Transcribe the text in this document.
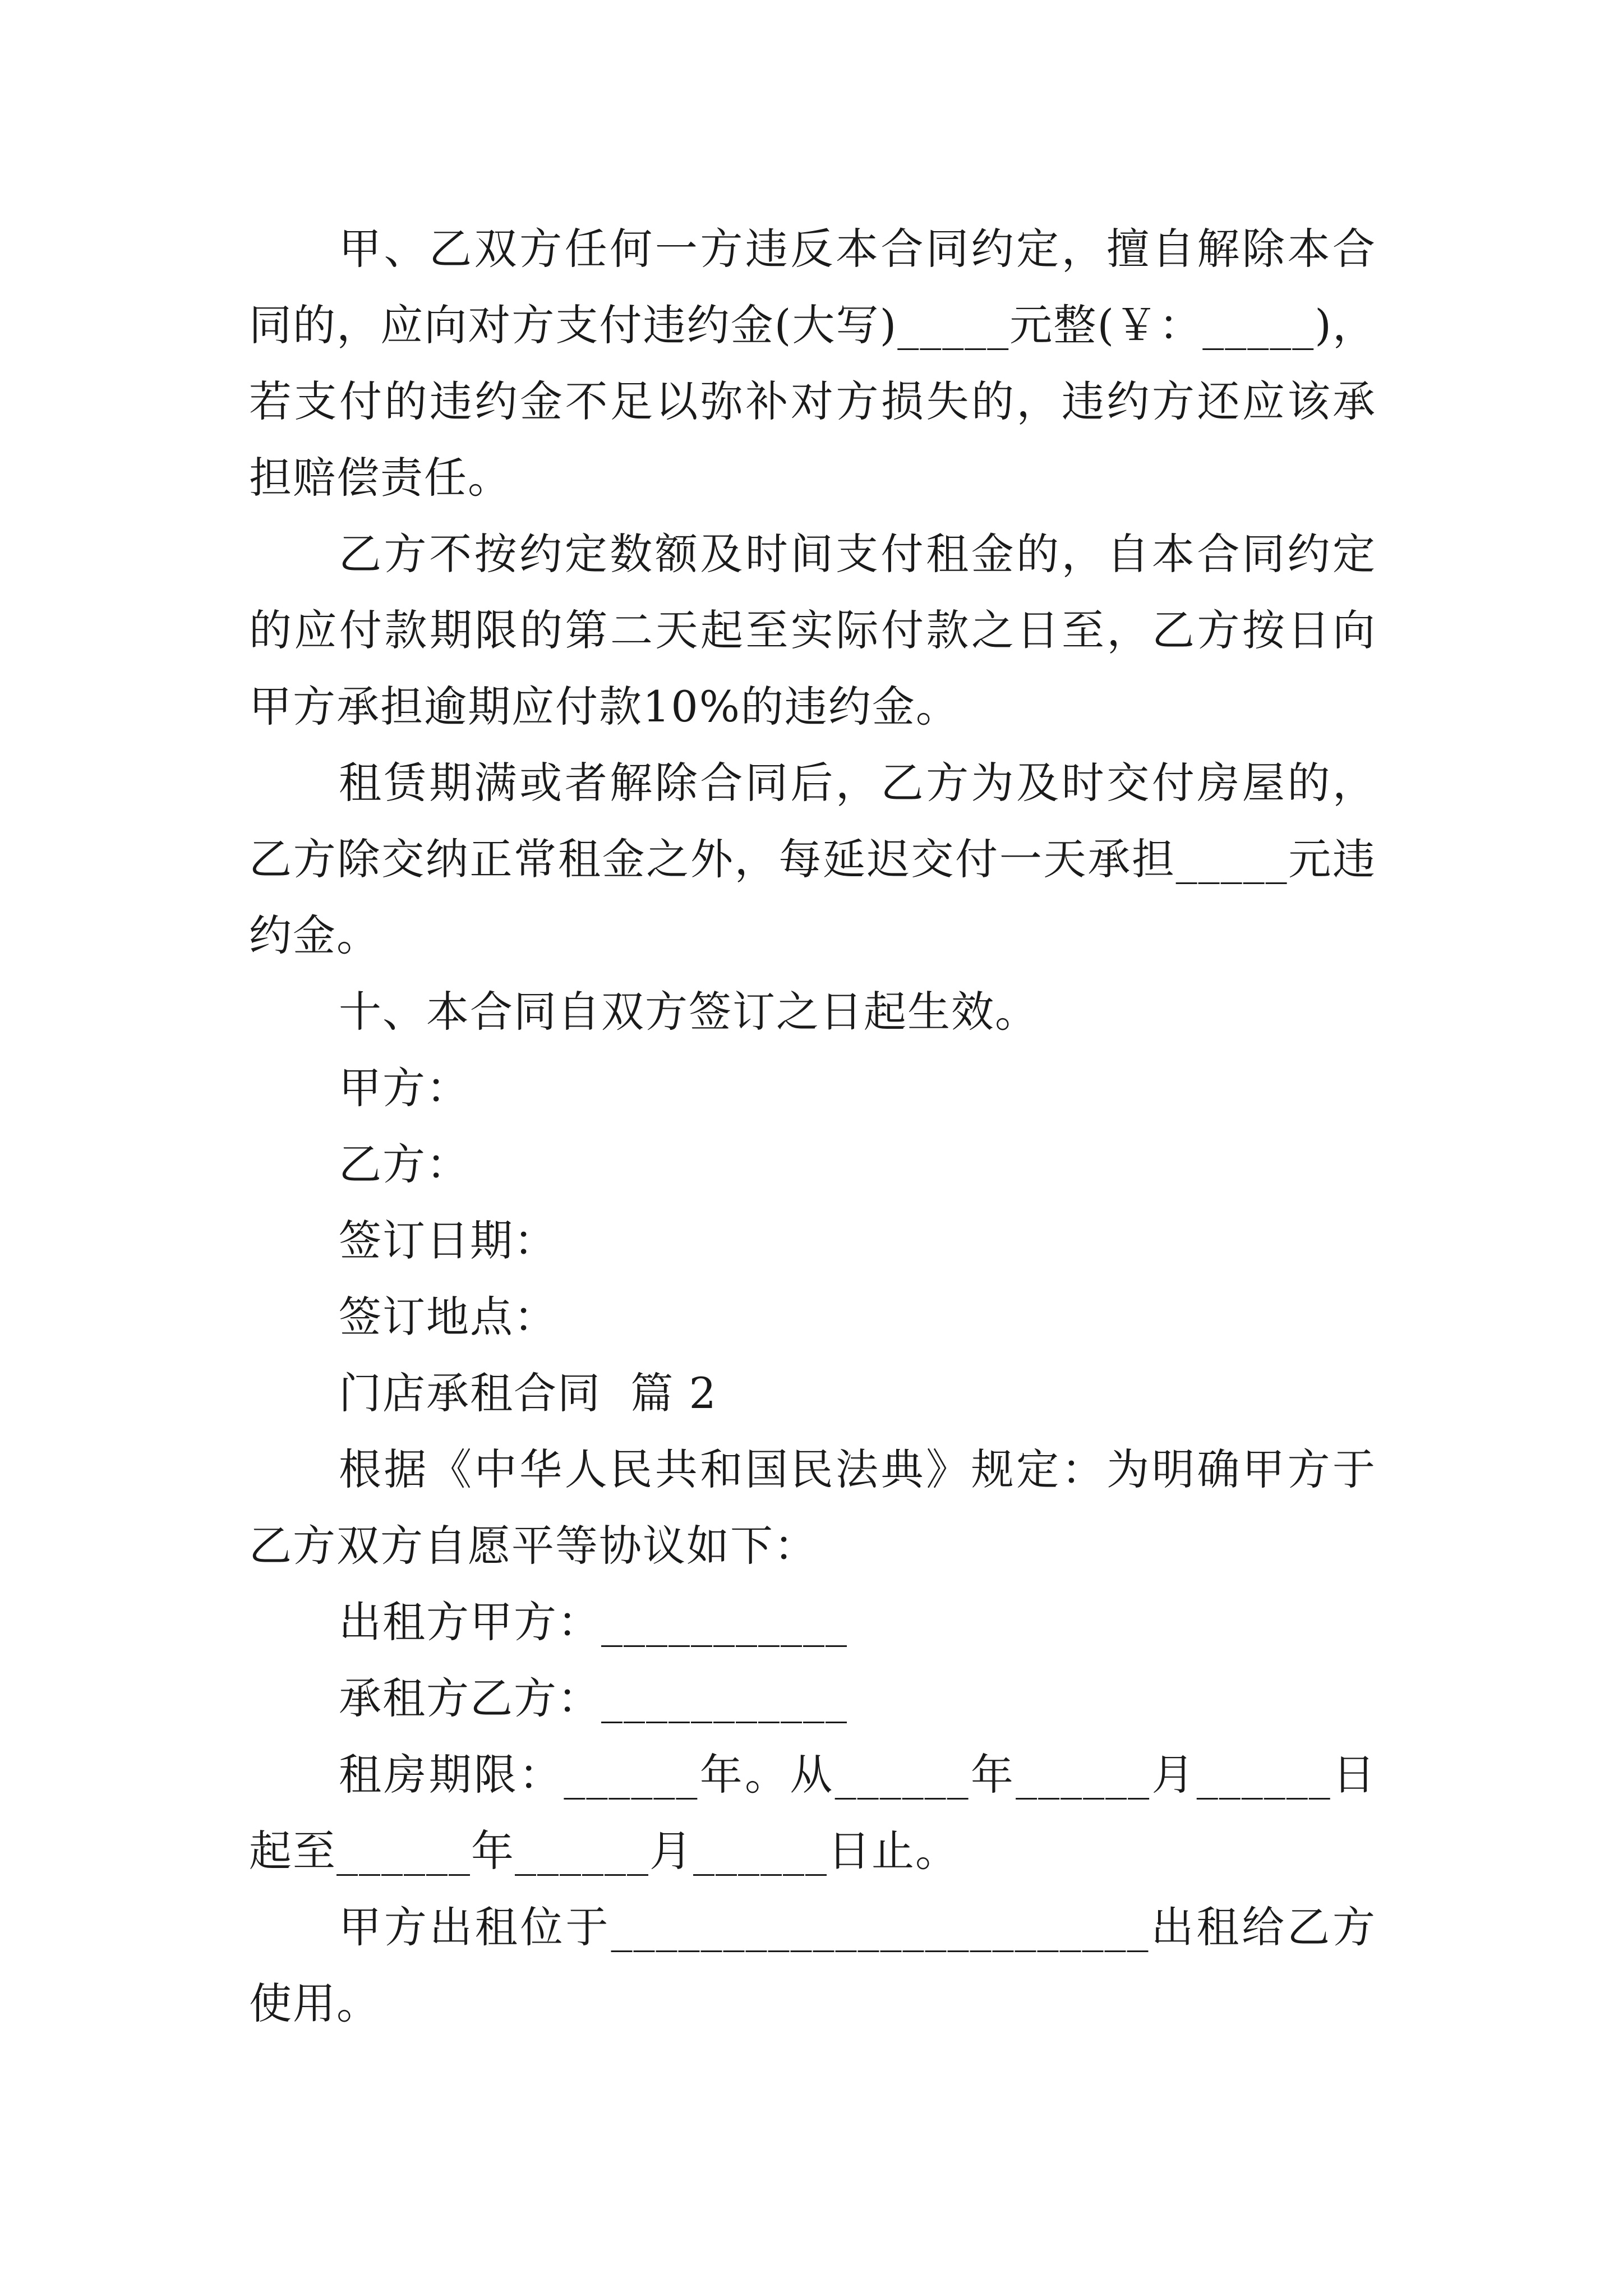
甲、乙双方任何一方违反本合同约定，擅自解除本合同的，应向对方支付违约金(大写)_____元整(￥：_____)，若支付的违约金不足以弥补对方损失的，违约方还应该承担赔偿责任。

乙方不按约定数额及时间支付租金的，自本合同约定的应付款期限的第二天起至实际付款之日至，乙方按日向甲方承担逾期应付款10%的违约金。

租赁期满或者解除合同后，乙方为及时交付房屋的，乙方除交纳正常租金之外，每延迟交付一天承担_____元违约金。

十、本合同自双方签订之日起生效。

甲方：

乙方：

签订日期：

签订地点：

门店承租合同  篇 2

根据《中华人民共和国民法典》规定：为明确甲方于乙方双方自愿平等协议如下：

出租方甲方：___________

承租方乙方：___________

租房期限：______年。从______年______月______日起至______年______月______日止。

甲方出租位于________________________出租给乙方使用。
